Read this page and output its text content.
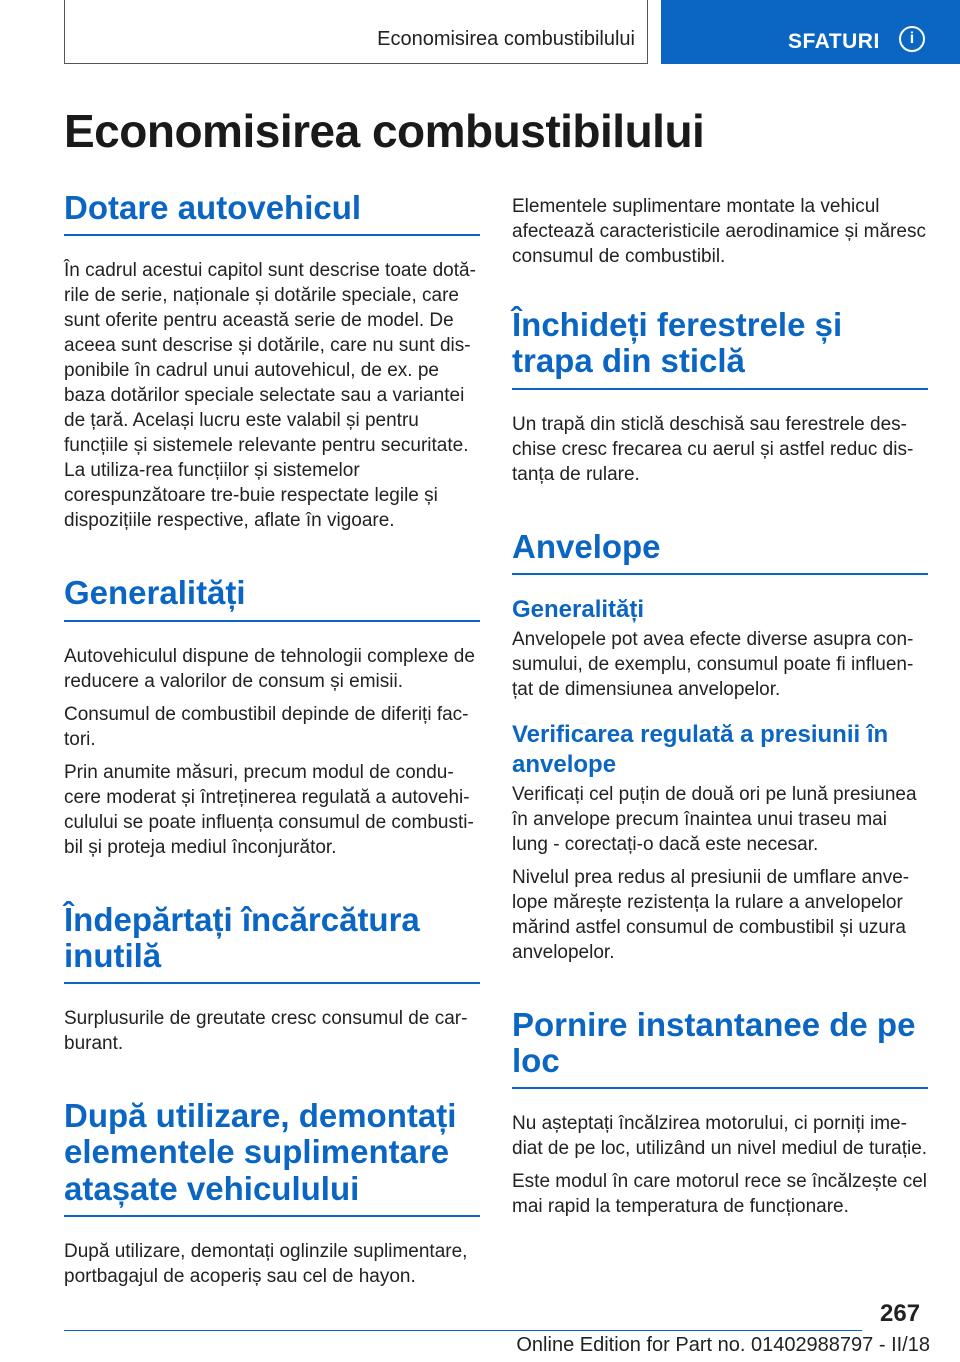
Economisirea combustibilului	SFATURI	i
Economisirea combustibilului
Dotare autovehicul

În cadrul acestui capitol sunt descrise toate dotă-rile de serie, naționale și dotările speciale, care sunt oferite pentru această serie de model. De aceea sunt descrise și dotările, care nu sunt dis-ponibile în cadrul unui autovehicul, de ex. pe baza dotărilor speciale selectate sau a variantei de țară. Același lucru este valabil și pentru funcțiile și sistemele relevante pentru securitate. La utiliza-rea funcțiilor și sistemelor corespunzătoare tre-buie respectate legile și dispozițiile respective, aflate în vigoare.

Generalități

Autovehiculul dispune de tehnologii complexe de reducere a valorilor de consum și emisii.

Consumul de combustibil depinde de diferiți fac-tori.

Prin anumite măsuri, precum modul de condu-cere moderat și întreținerea regulată a autovehi-culului se poate influența consumul de combusti-bil și proteja mediul înconjurător.

Îndepărtați încărcătura inutilă

Surplusurile de greutate cresc consumul de car-burant.

După utilizare, demontați elementele suplimentare atașate vehiculului

După utilizare, demontați oglinzile suplimentare, portbagajul de acoperiș sau cel de hayon.

Elementele suplimentare montate la vehicul afectează caracteristicile aerodinamice și măresc consumul de combustibil.

Închideți ferestrele și trapa din sticlă

Un trapă din sticlă deschisă sau ferestrele des-chise cresc frecarea cu aerul și astfel reduc dis-tanța de rulare.

Anvelope
Generalități

Anvelopele pot avea efecte diverse asupra con-sumului, de exemplu, consumul poate fi influen-țat de dimensiunea anvelopelor.

Verificarea regulată a presiunii în anvelope

Verificați cel puțin de două ori pe lună presiunea în anvelope precum înaintea unui traseu mai lung - corectați-o dacă este necesar.

Nivelul prea redus al presiunii de umflare anve-lope mărește rezistența la rulare a anvelopelor mărind astfel consumul de combustibil și uzura anvelopelor.

Pornire instantanee de pe loc

Nu așteptați încălzirea motorului, ci porniți ime-diat de pe loc, utilizând un nivel mediul de turație.

Este modul în care motorul rece se încălzește cel mai rapid la temperatura de funcționare.

267
Online Edition for Part no. 01402988797 - II/18
